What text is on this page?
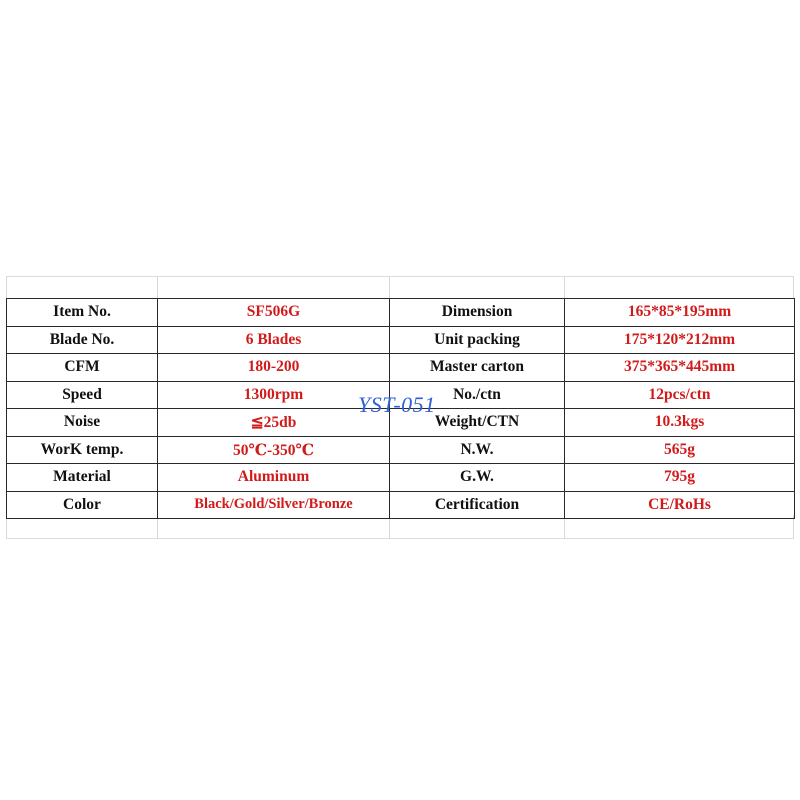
Item No.	SF506G	Dimension	165*85*195mm
Blade No.	6 Blades	Unit packing	175*120*212mm
CFM	180-200	Master carton	375*365*445mm
Speed	1300rpm	No./ctn	12pcs/ctn
Noise	≦25db	Weight/CTN	10.3kgs
WorK temp.	50℃-350℃	N.W.	565g
Material	Aluminum	G.W.	795g
Color	Black/Gold/Silver/Bronze	Certification	CE/RoHs
YST-051
